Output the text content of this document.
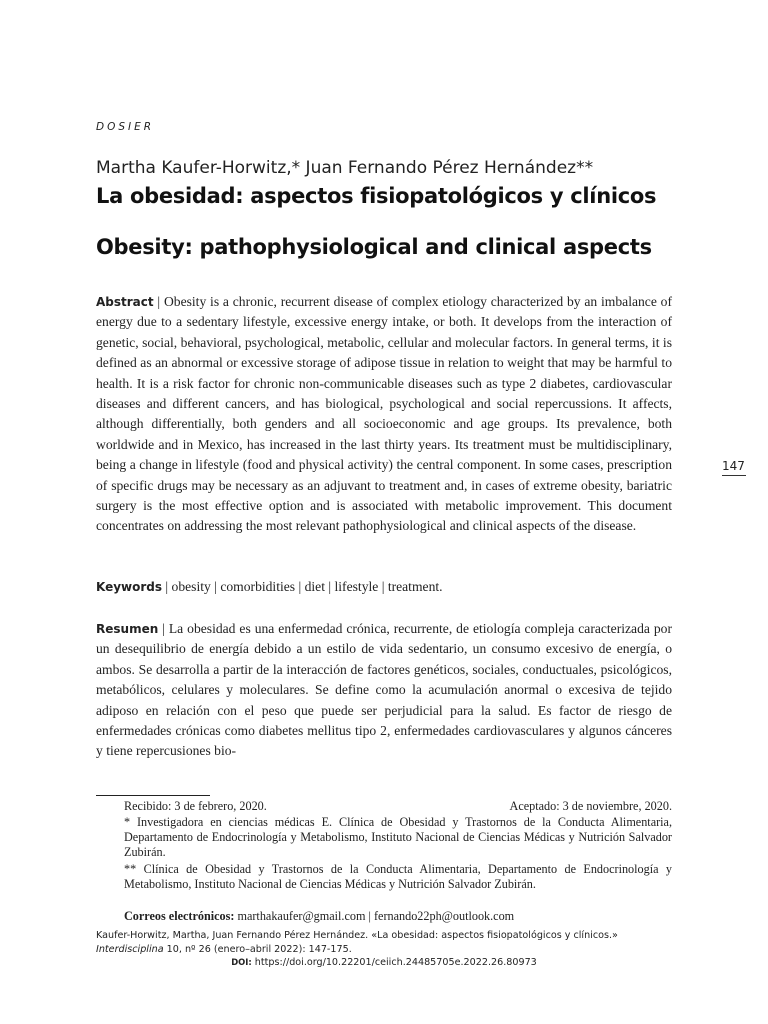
DOSIER
Martha Kaufer-Horwitz,* Juan Fernando Pérez Hernández**
La obesidad: aspectos fisiopatológicos y clínicos
Obesity: pathophysiological and clinical aspects
Abstract | Obesity is a chronic, recurrent disease of complex etiology characterized by an imbalance of energy due to a sedentary lifestyle, excessive energy intake, or both. It develops from the interaction of genetic, social, behavioral, psychological, metabolic, cellular and molecular factors. In general terms, it is defined as an abnormal or excessive storage of adipose tissue in relation to weight that may be harmful to health. It is a risk factor for chronic non-communicable diseases such as type 2 diabetes, cardiovascular diseases and different cancers, and has biological, psychological and social repercussions. It affects, although differentially, both genders and all socioeconomic and age groups. Its prevalence, both worldwide and in Mexico, has increased in the last thirty years. Its treatment must be multidisciplinary, being a change in lifestyle (food and physical activity) the central component. In some cases, prescription of specific drugs may be necessary as an adjuvant to treatment and, in cases of extreme obesity, bariatric surgery is the most effective option and is associated with metabolic improvement. This document concentrates on addressing the most relevant pathophysiological and clinical aspects of the disease.
Keywords | obesity | comorbidities | diet | lifestyle | treatment.
Resumen | La obesidad es una enfermedad crónica, recurrente, de etiología compleja caracterizada por un desequilibrio de energía debido a un estilo de vida sedentario, un consumo excesivo de energía, o ambos. Se desarrolla a partir de la interacción de factores genéticos, sociales, conductuales, psicológicos, metabólicos, celulares y moleculares. Se define como la acumulación anormal o excesiva de tejido adiposo en relación con el peso que puede ser perjudicial para la salud. Es factor de riesgo de enfermedades crónicas como diabetes mellitus tipo 2, enfermedades cardiovasculares y algunos cánceres y tiene repercusiones bio-
147
Recibido: 3 de febrero, 2020.	Aceptado: 3 de noviembre, 2020.
* Investigadora en ciencias médicas E. Clínica de Obesidad y Trastornos de la Conducta Alimentaria, Departamento de Endocrinología y Metabolismo, Instituto Nacional de Ciencias Médicas y Nutrición Salvador Zubirán.
** Clínica de Obesidad y Trastornos de la Conducta Alimentaria, Departamento de Endocrinología y Metabolismo, Instituto Nacional de Ciencias Médicas y Nutrición Salvador Zubirán.
Correos electrónicos: marthakaufer@gmail.com | fernando22ph@outlook.com
Kaufer-Horwitz, Martha, Juan Fernando Pérez Hernández. «La obesidad: aspectos fisiopatológicos y clínicos.» Interdisciplina 10, nº 26 (enero–abril 2022): 147-175.
DOI: https://doi.org/10.22201/ceiich.24485705e.2022.26.80973
